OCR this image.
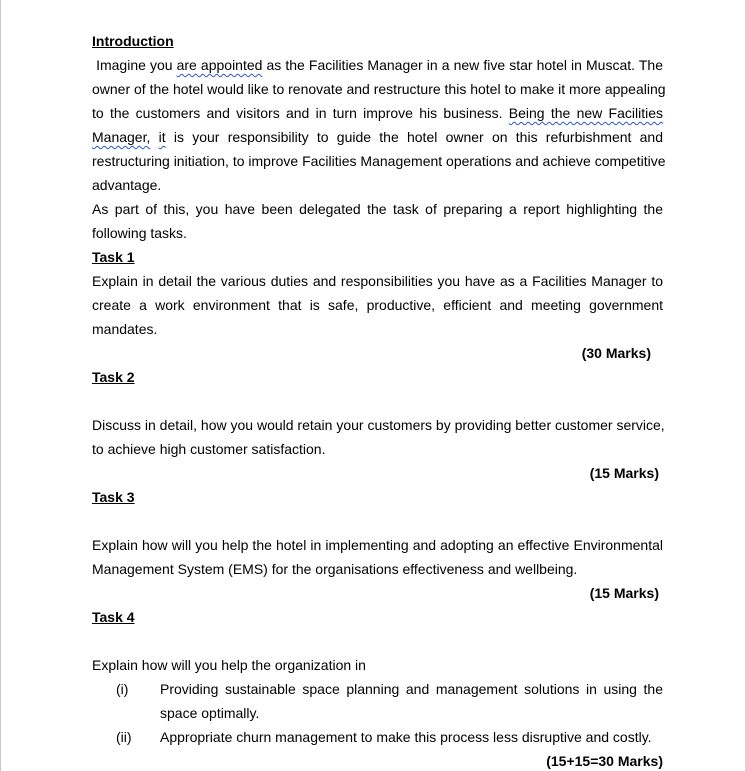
Introduction
Imagine you are appointed as the Facilities Manager in a new five star hotel in Muscat. The
owner of the hotel would like to renovate and restructure this hotel to make it more appealing
to the customers and visitors and in turn improve his business. Being the new Facilities
Manager, it is your responsibility to guide the hotel owner on this refurbishment and
restructuring initiation, to improve Facilities Management operations and achieve competitive
advantage.
As part of this, you have been delegated the task of preparing a report highlighting the
following tasks.
Task 1
Explain in detail the various duties and responsibilities you have as a Facilities Manager to
create a work environment that is safe, productive, efficient and meeting government
mandates.
(30 Marks)
Task 2
Discuss in detail, how you would retain your customers by providing better customer service,
to achieve high customer satisfaction.
(15 Marks)
Task 3
Explain how will you help the hotel in implementing and adopting an effective Environmental
Management System (EMS) for the organisations effectiveness and wellbeing.
(15 Marks)
Task 4
Explain how will you help the organization in
(i) Providing sustainable space planning and management solutions in using the
space optimally.
(ii) Appropriate churn management to make this process less disruptive and costly.
(15+15=30 Marks)
